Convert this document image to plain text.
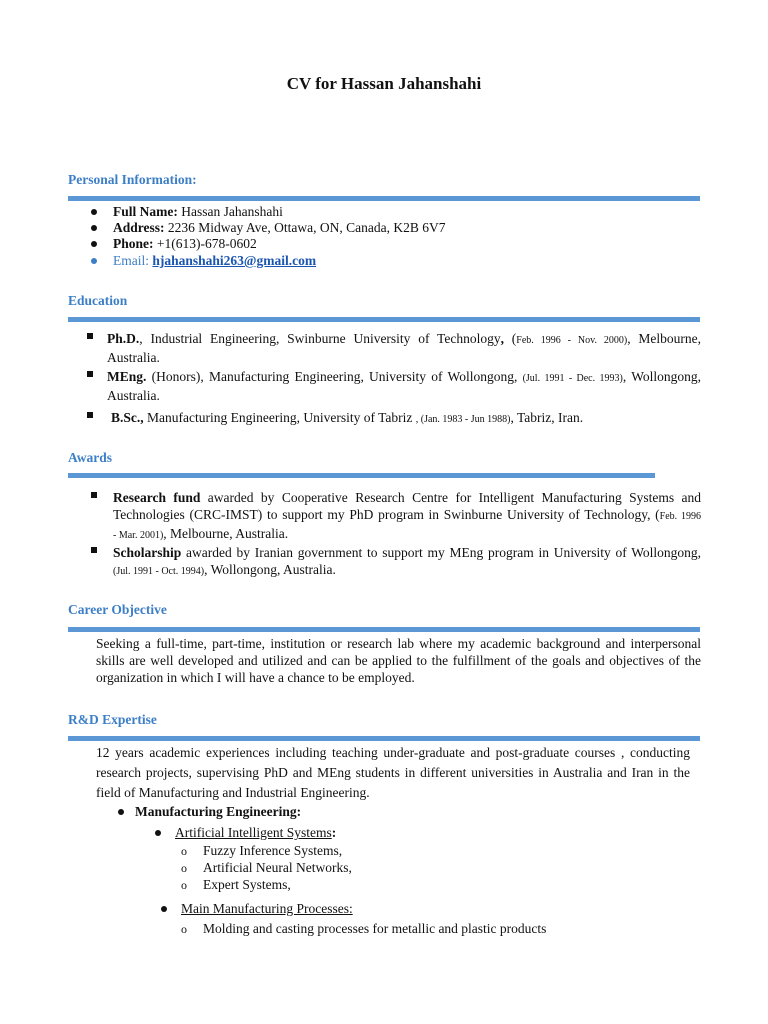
CV for Hassan Jahanshahi
Personal Information:
Full Name: Hassan Jahanshahi
Address: 2236 Midway Ave, Ottawa, ON, Canada, K2B 6V7
Phone: +1(613)-678-0602
Email: hjahanshahi263@gmail.com
Education
Ph.D., Industrial Engineering, Swinburne University of Technology, (Feb. 1996 - Nov. 2000), Melbourne,
Australia.
MEng. (Honors), Manufacturing Engineering, University of Wollongong, (Jul. 1991 - Dec. 1993), Wollongong,
Australia.
B.Sc., Manufacturing Engineering, University of Tabriz , (Jan. 1983 - Jun 1988), Tabriz, Iran.
Awards
Research fund awarded by Cooperative Research Centre for Intelligent Manufacturing Systems and
Technologies (CRC-IMST) to support my PhD program in Swinburne University of Technology, (Feb. 1996
- Mar. 2001), Melbourne, Australia.
Scholarship awarded by Iranian government to support my MEng program in University of Wollongong,
(Jul. 1991 - Oct. 1994), Wollongong, Australia.
Career Objective
Seeking a full-time, part-time, institution or research lab where my academic background and interpersonal
skills are well developed and utilized and can be applied to the fulfillment of the goals and objectives of the
organization in which I will have a chance to be employed.
R&D Expertise
12 years academic experiences including teaching under-graduate and post-graduate courses , conducting
research projects, supervising PhD and MEng students in different universities in Australia and Iran in the
field of Manufacturing and Industrial Engineering.
Manufacturing Engineering:
Artificial Intelligent Systems:
o Fuzzy Inference Systems,
o Artificial Neural Networks,
o Expert Systems,
Main Manufacturing Processes:
o Molding and casting processes for metallic and plastic products
